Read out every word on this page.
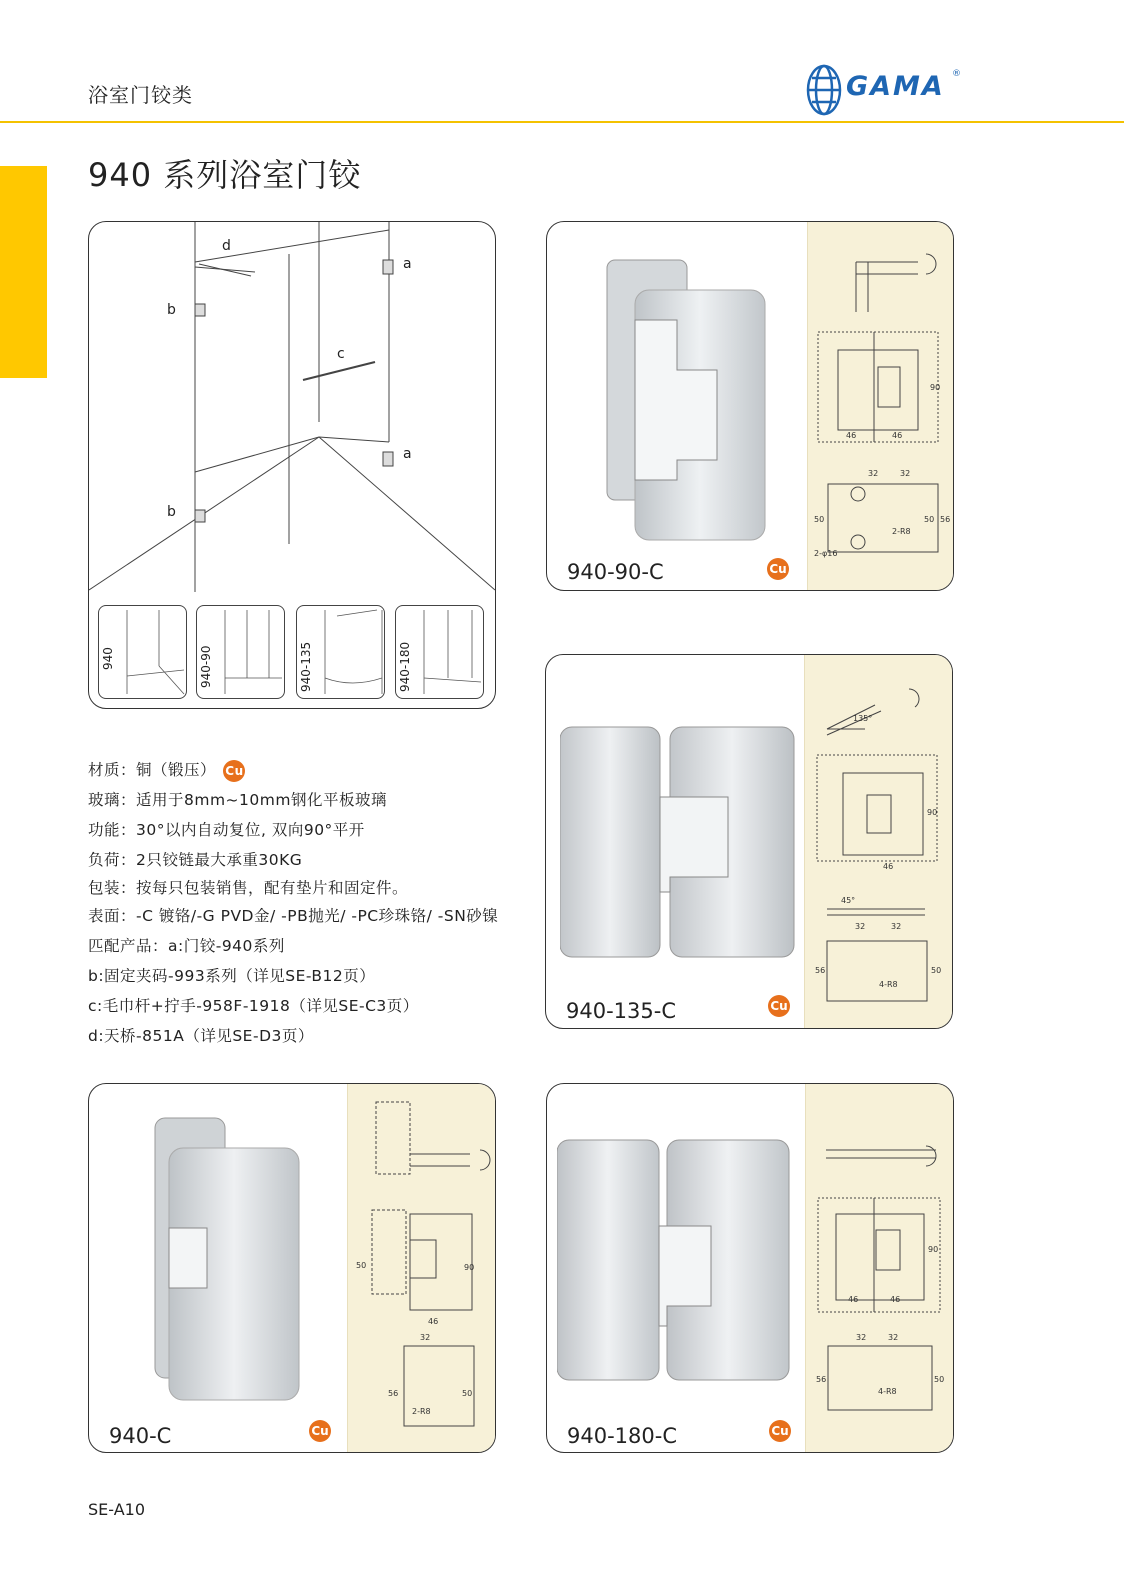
浴室门铰类	GAMA ®
940 系列浴室门铰
d
a
b
c
a
b
940	940-90	940-135	940-180
材质：铜（锻压） Cu
玻璃：适用于8mm~10mm钢化平板玻璃
功能：30°以内自动复位, 双向90°平开
负荷：2只铰链最大承重30KG
包装：按每只包装销售，配有垫片和固定件。
表面：-C 镀铬/-G PVD金/ -PB抛光/ -PC珍珠铬/ -SN砂镍
匹配产品：a:门铰-940系列
b:固定夹码-993系列（详见SE-B12页）
c:毛巾杆+拧手-958F-1918（详见SE-C3页）
d:天桥-851A（详见SE-D3页）
940-90-C	Cu
46	46
90
32	32
50	50 56
2-R8
2-φ16
940-135-C	Cu
135°
46
90
45°
32	32
56	50
4-R8
940-C	Cu
90
46
50
32
56	50
2-R8
940-180-C	Cu
46	46
90
32	32
56	50
4-R8
SE-A10
